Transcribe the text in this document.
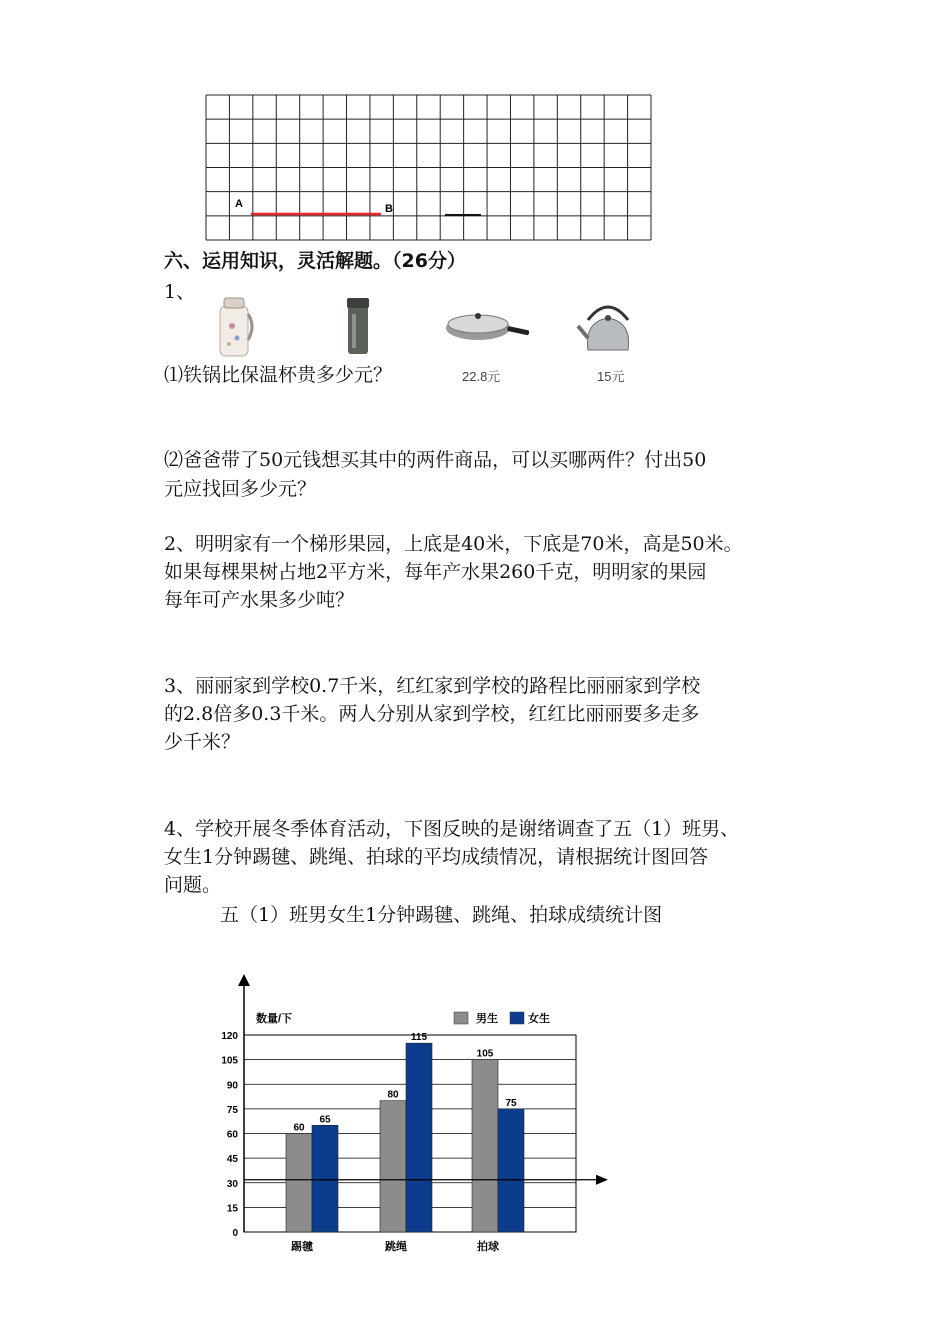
A	B
六、运用知识，灵活解题。（26分）
1、
22.8元	15元
⑴铁锅比保温杯贵多少元？
⑵爸爸带了50元钱想买其中的两件商品，可以买哪两件？付出50
元应找回多少元？
2、明明家有一个梯形果园，上底是40米，下底是70米，高是50米。
如果每棵果树占地2平方米，每年产水果260千克，明明家的果园
每年可产水果多少吨？
3、丽丽家到学校0.7千米，红红家到学校的路程比丽丽家到学校
的2.8倍多0.3千米。两人分别从家到学校，红红比丽丽要多走多
少千米？
4、学校开展冬季体育活动，下图反映的是谢绪调查了五（1）班男、
女生1分钟踢毽、跳绳、拍球的平均成绩情况，请根据统计图回答
问题。
五（1）班男女生1分钟踢毽、跳绳、拍球成绩统计图
0
15
30
45
60
75
90
105
120
60
65
80
115
105
75
踢毽	跳绳	拍球
数量/下	男生	女生
